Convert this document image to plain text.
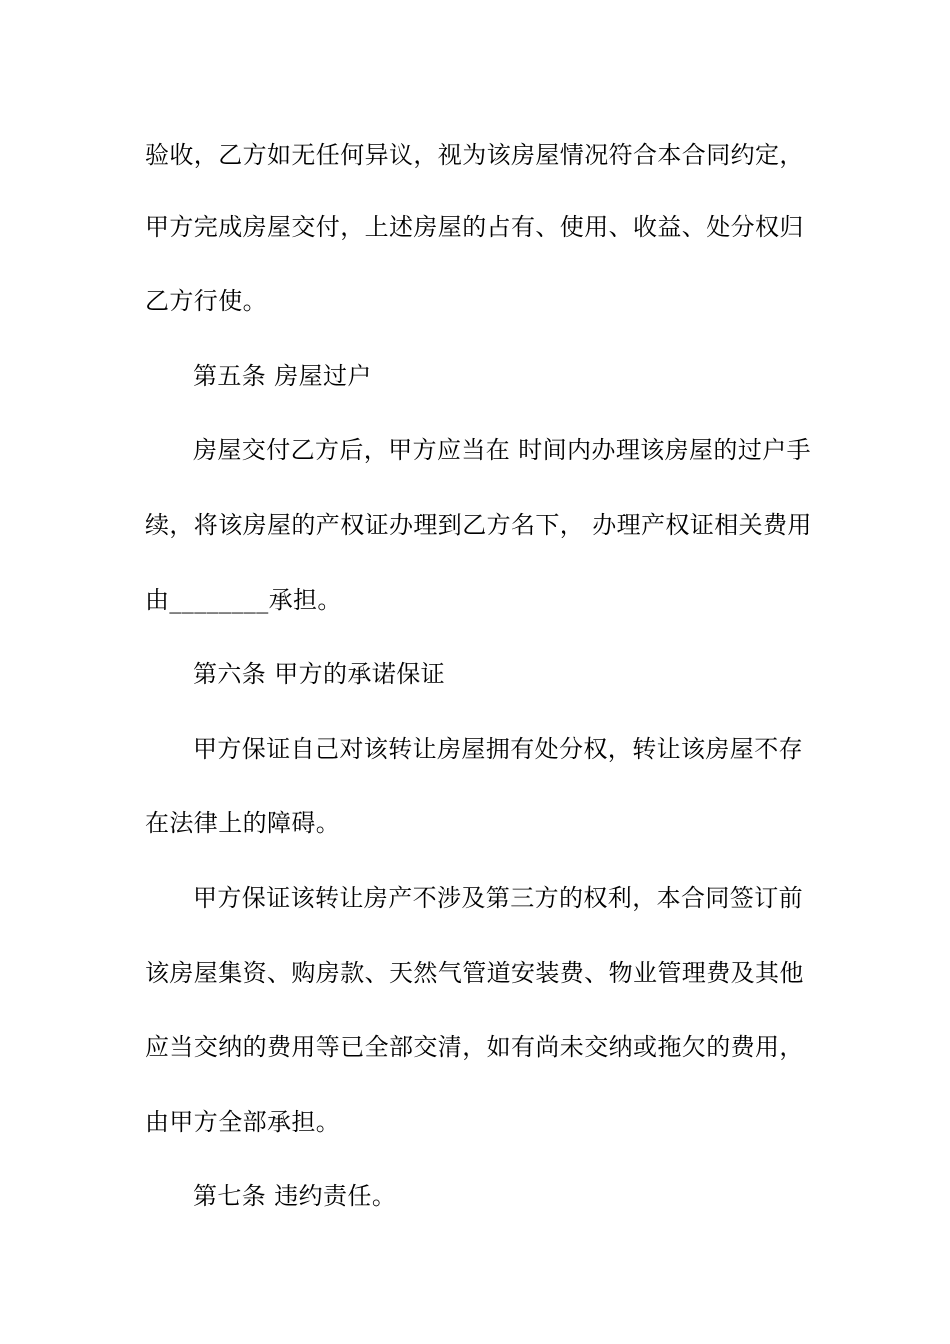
验收，乙方如无任何异议，视为该房屋情况符合本合同约定，
甲方完成房屋交付，上述房屋的占有、使用、收益、处分权归
乙方行使。
第五条 房屋过户
房屋交付乙方后，甲方应当在 时间内办理该房屋的过户手
续，将该房屋的产权证办理到乙方名下， 办理产权证相关费用
由________承担。
第六条 甲方的承诺保证
甲方保证自己对该转让房屋拥有处分权，转让该房屋不存
在法律上的障碍。
甲方保证该转让房产不涉及第三方的权利，本合同签订前
该房屋集资、购房款、天然气管道安装费、物业管理费及其他
应当交纳的费用等已全部交清，如有尚未交纳或拖欠的费用，
由甲方全部承担。
第七条 违约责任。
